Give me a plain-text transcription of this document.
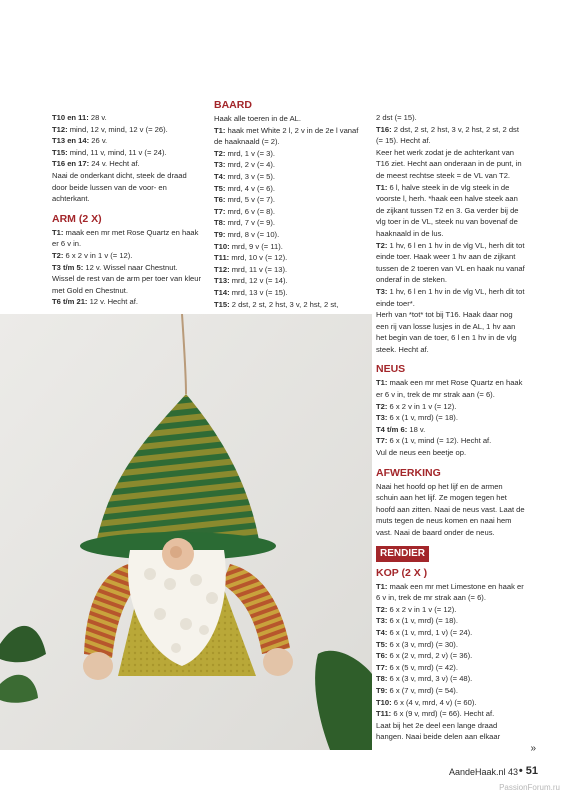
T10 en 11: 28 v.

T12: mind, 12 v, mind, 12 v (= 26).

T13 en 14: 26 v.

T15: mind, 11 v, mind, 11 v (= 24).

T16 en 17: 24 v. Hecht af.

Naai de onderkant dicht, steek de draad door beide lussen van de voor- en achterkant.

ARM (2 X)

T1: maak een mr met Rose Quartz en haak er 6 v in.

T2: 6 x 2 v in 1 v (= 12).

T3 t/m 5: 12 v. Wissel naar Chestnut. Wissel de rest van de arm per toer van kleur met Gold en Chestnut.

T6 t/m 21: 12 v. Hecht af.

BAARD

Haak alle toeren in de AL.

T1: haak met White 2 l, 2 v in de 2e l vanaf de haaknaald (= 2).

T2: mrd, 1 v (= 3).

T3: mrd, 2 v (= 4).

T4: mrd, 3 v (= 5).

T5: mrd, 4 v (= 6).

T6: mrd, 5 v (= 7).

T7: mrd, 6 v (= 8).

T8: mrd, 7 v (= 9).

T9: mrd, 8 v (= 10).

T10: mrd, 9 v (= 11).

T11: mrd, 10 v (= 12).

T12: mrd, 11 v (= 13).

T13: mrd, 12 v (= 14).

T14: mrd, 13 v (= 15).

T15: 2 dst, 2 st, 2 hst, 3 v, 2 hst, 2 st,

2 dst (= 15).

T16: 2 dst, 2 st, 2 hst, 3 v, 2 hst, 2 st, 2 dst (= 15). Hecht af.

Keer het werk zodat je de achterkant van T16 ziet. Hecht aan onderaan in de punt, in de meest rechtse steek = de VL van T2.

T1: 6 l, halve steek in de vlg steek in de voorste l, herh. *haak een halve steek aan de zijkant tussen T2 en 3. Ga verder bij de vlg toer in de VL, steek nu van bovenaf de haaknaald in de lus.

T2: 1 hv, 6 l en 1 hv in de vlg VL, herh dit tot einde toer. Haak weer 1 hv aan de zijkant tussen de 2 toeren van VL en haak nu vanaf onderaf in de steken.

T3: 1 hv, 6 l en 1 hv in de vlg VL, herh dit tot einde toer*.

Herh van *tot* tot bij T16. Haak daar nog een rij van losse lusjes in de AL, 1 hv aan het begin van de toer, 6 l en 1 hv in de vlg steek. Hecht af.

NEUS

T1: maak een mr met Rose Quartz en haak er 6 v in, trek de mr strak aan (= 6).

T2: 6 x 2 v in 1 v (= 12).

T3: 6 x (1 v, mrd) (= 18).

T4 t/m 6: 18 v.

T7: 6 x (1 v, mind (= 12). Hecht af.

Vul de neus een beetje op.

AFWERKING

Naai het hoofd op het lijf en de armen schuin aan het lijf. Ze mogen tegen het hoofd aan zitten. Naai de neus vast. Laat de muts tegen de neus komen en naai hem vast. Naai de baard onder de neus.

RENDIER
KOP (2 X )

T1: maak een mr met Limestone en haak er 6 v in, trek de mr strak aan (= 6).

T2: 6 x 2 v in 1 v (= 12).

T3: 6 x (1 v, mrd) (= 18).

T4: 6 x (1 v, mrd, 1 v) (= 24).

T5: 6 x (3 v, mrd) (= 30).

T6: 6 x (2 v, mrd, 2 v) (= 36).

T7: 6 x (5 v, mrd) (= 42).

T8: 6 x (3 v, mrd, 3 v) (= 48).

T9: 6 x (7 v, mrd) (= 54).

T10: 6 x (4 v, mrd, 4 v) (= 60).

T11: 6 x (9 v, mrd) (= 66). Hecht af.

Laat bij het 2e deel een lange draad hangen. Naai beide delen aan elkaar

»
AandeHaak.nl 43 • 51
PassionForum.ru
